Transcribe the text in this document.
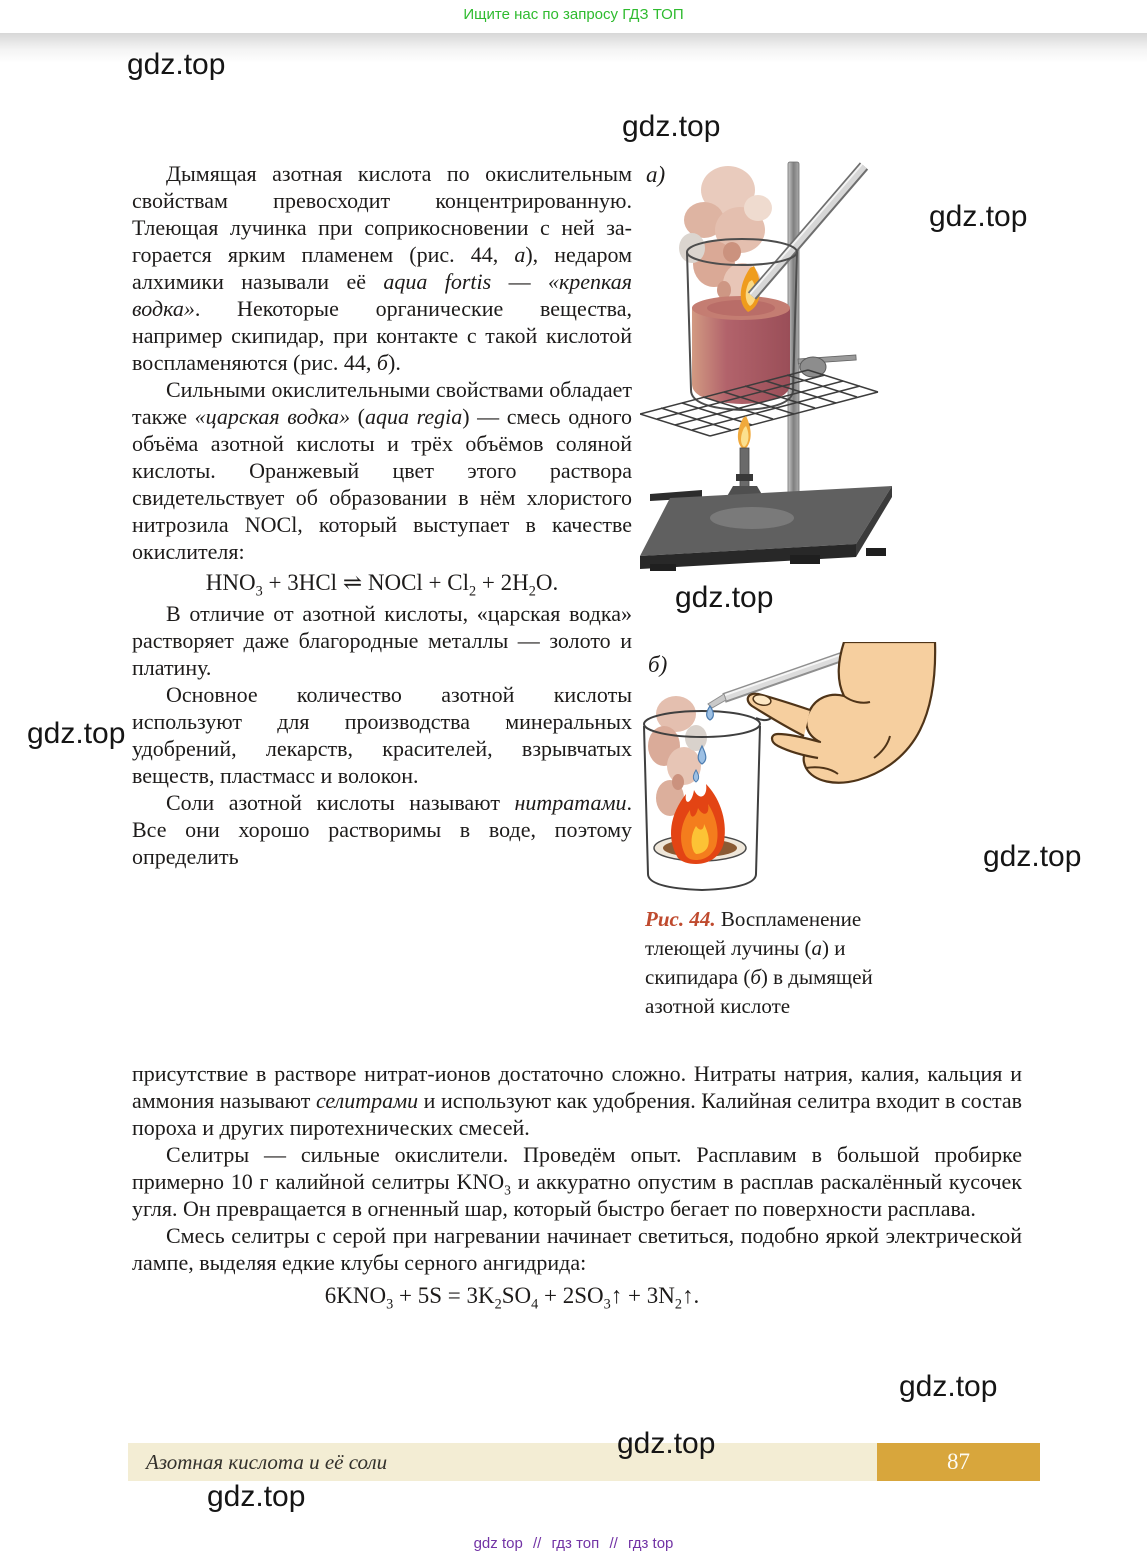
Ищите нас по запросу ГДЗ ТОП
gdz.top
gdz.top
gdz.top
gdz.top
gdz.top
gdz.top
gdz.top
gdz.top
gdz.top

Дымящая азотная кислота по окислительным свойствам превосходит концентрированную. Тлеющая лучинка при соприкосновении с ней загорается ярким пламенем (рис. 44, а), недаром алхимики называли её aqua fortis — «крепкая водка». Некоторые органические вещества, например скипидар, при контакте с такой кислотой воспламеняются (рис. 44, б).

Сильными окислительными свойствами обладает также «царская водка» (aqua regia) — смесь одного объёма азотной кислоты и трёх объёмов соляной кислоты. Оранжевый цвет этого раствора свидетельствует об образовании в нём хлористого нитрозила NOCl, который выступает в качестве окислителя:

$HNO_3 + 3HCl$ ⇌ NOCl + $Cl_2 + 2H_2O$.

В отличие от азотной кислоты, «царская водка» растворяет даже благородные металлы — золото и платину.

Основное количество азотной кислоты используют для производства минеральных удобрений, лекарств, красителей, взрывчатых веществ, пластмасс и волокон.

Соли азотной кислоты называют нитратами. Все они хорошо растворимы в воде, поэтому определить

а)
б)
Рис. 44. Воспламенение тлеющей лучины (а) и скипидара (б) в дымящей азотной кислоте

присутствие в растворе нитрат-ионов достаточно сложно. Нитраты натрия, калия, кальция и аммония называют селитрами и используют как удобрения. Калийная селитра входит в состав пороха и других пиротехнических смесей.

Селитры — сильные окислители. Проведём опыт. Расплавим в большой пробирке примерно 10 г калийной селитры $KNO_3$ и аккуратно опустим в расплав раскалённый кусочек угля. Он превращается в огненный шар, который быстро бегает по поверхности расплава.

Смесь селитры с серой при нагревании начинает светиться, подобно яркой электрической лампе, выделяя едкие клубы серного ангидрида:

$6KNO_3 + 5S = 3K_2SO_4$ + $2SO_3↑$ + $3N_2↑$.

Азотная кислота и её соли	87
gdz top // гдз топ // гдз top
